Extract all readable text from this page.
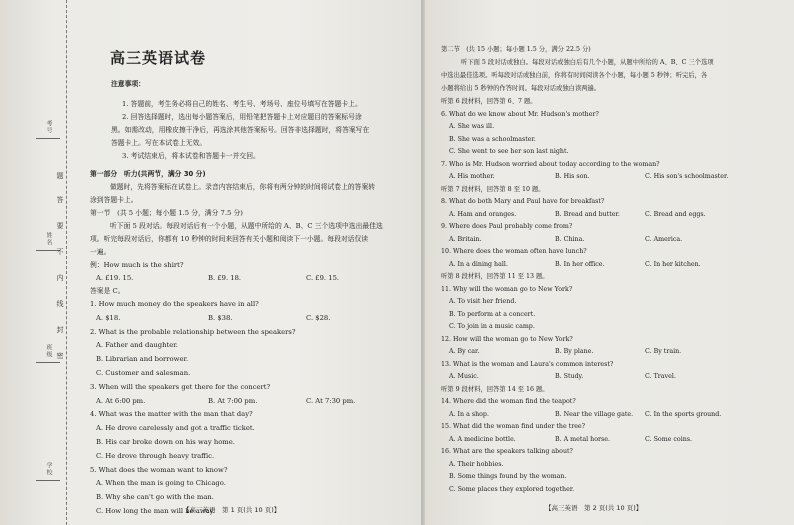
考号
姓名
班级
学校
题
答
要
不
内
线
封
密
高三英语试卷
注意事项：
1. 答题前，考生务必将自己的姓名、考生号、考场号、座位号填写在答题卡上。
2. 回答选择题时，选出每小题答案后，用铅笔把答题卡上对应题目的答案标号涂
黑。如需改动，用橡皮擦干净后，再选涂其他答案标号。回答非选择题时，将答案写在
答题卡上。写在本试卷上无效。
3. 考试结束后，将本试卷和答题卡一并交回。
第一部分　听力(共两节，满分 30 分)
做题时，先将答案标在试卷上。录音内容结束后，你将有两分钟的时间将试卷上的答案转
涂到答题卡上。
第一节　(共 5 小题；每小题 1.5 分，满分 7.5 分)
听下面 5 段对话。每段对话后有一个小题，从题中所给的 A、B、C 三个选项中选出最佳选
项。听完每段对话后，你都有 10 秒钟的时间来回答有关小题和阅读下一小题。每段对话仅读
一遍。
例：How much is the shirt?
A. £19. 15.	B. £9. 18.	C. £9. 15.
答案是 C。
1. How much money do the speakers have in all?
A. $18.	B. $38.	C. $28.
2. What is the probable relationship between the speakers?
A. Father and daughter.
B. Librarian and borrower.
C. Customer and salesman.
3. When will the speakers get there for the concert?
A. At 6:00 pm.	B. At 7:00 pm.	C. At 7:30 pm.
4. What was the matter with the man that day?
A. He drove carelessly and got a traffic ticket.
B. His car broke down on his way home.
C. He drove through heavy traffic.
5. What does the woman want to know?
A. When the man is going to Chicago.
B. Why she can't go with the man.
C. How long the man will be away.
【高三英语　第 1 页(共 10 页)】
第二节　(共 15 小题；每小题 1.5 分，满分 22.5 分)
听下面 5 段对话或独白。每段对话或独白后有几个小题，从题中所给的 A、B、C 三个选项
中选出最佳选项。听每段对话或独白前，你将有时间阅读各个小题，每小题 5 秒钟；听完后，各
小题将给出 5 秒钟的作答时间。每段对话或独白读两遍。
听第 6 段材料，回答第 6、7 题。
6. What do we know about Mr. Hudson's mother?
A. She was ill.
B. She was a schoolmaster.
C. She went to see her son last night.
7. Who is Mr. Hudson worried about today according to the woman?
A. His mother.	B. His son.	C. His son's schoolmaster.
听第 7 段材料，回答第 8 至 10 题。
8. What do both Mary and Paul have for breakfast?
A. Ham and oranges.	B. Bread and butter.	C. Bread and eggs.
9. Where does Paul probably come from?
A. Britain.	B. China.	C. America.
10. Where does the woman often have lunch?
A. In a dining hall.	B. In her office.	C. In her kitchen.
听第 8 段材料，回答第 11 至 13 题。
11. Why will the woman go to New York?
A. To visit her friend.
B. To perform at a concert.
C. To join in a music camp.
12. How will the woman go to New York?
A. By car.	B. By plane.	C. By train.
13. What is the woman and Laura's common interest?
A. Music.	B. Study.	C. Travel.
听第 9 段材料，回答第 14 至 16 题。
14. Where did the woman find the teapot?
A. In a shop.	B. Near the village gate. C. In the sports ground.
15. What did the woman find under the tree?
A. A medicine bottle.	B. A metal horse.	C. Some coins.
16. What are the speakers talking about?
A. Their hobbies.
B. Some things found by the woman.
C. Some places they explored together.
【高三英语　第 2 页(共 10 页)】
